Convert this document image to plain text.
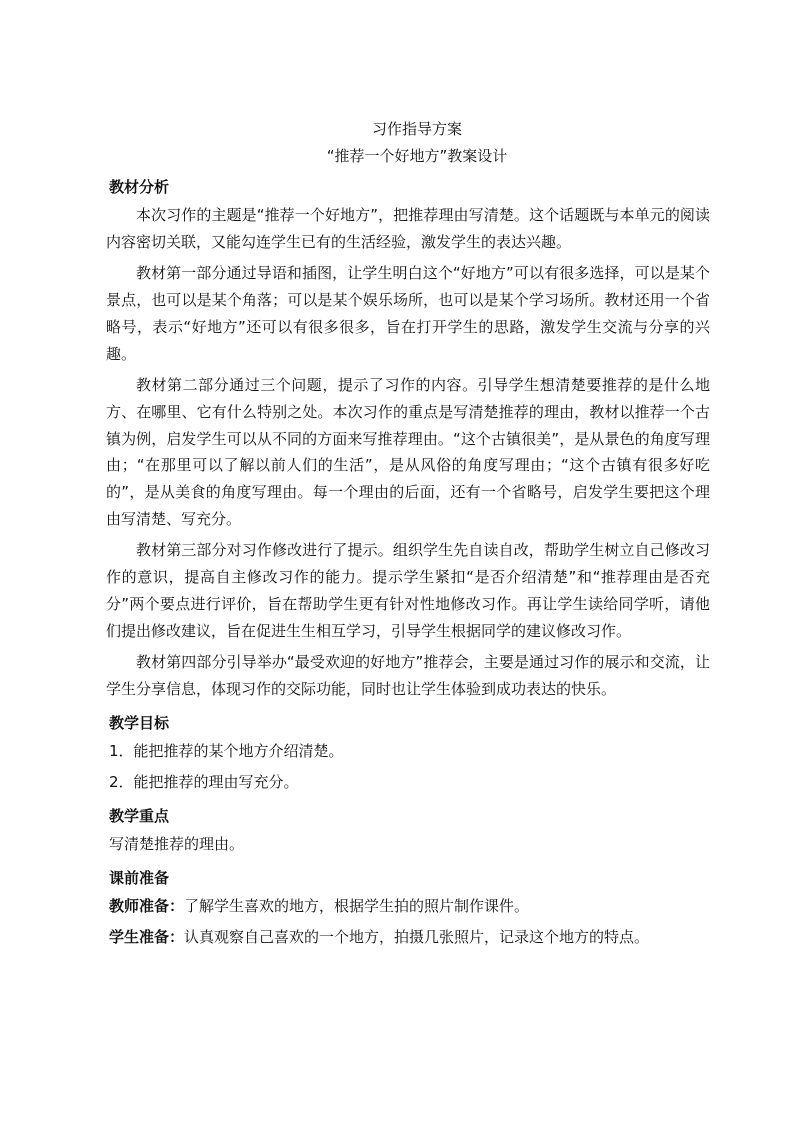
习作指导方案

“推荐一个好地方”教案设计

教材分析

本次习作的主题是“推荐一个好地方”，把推荐理由写清楚。这个话题既与本单元的阅读内容密切关联，又能勾连学生已有的生活经验，激发学生的表达兴趣。

教材第一部分通过导语和插图，让学生明白这个“好地方”可以有很多选择，可以是某个景点，也可以是某个角落；可以是某个娱乐场所，也可以是某个学习场所。教材还用一个省略号，表示“好地方”还可以有很多很多，旨在打开学生的思路，激发学生交流与分享的兴趣。

教材第二部分通过三个问题，提示了习作的内容。引导学生想清楚要推荐的是什么地方、在哪里、它有什么特别之处。本次习作的重点是写清楚推荐的理由，教材以推荐一个古镇为例，启发学生可以从不同的方面来写推荐理由。“这个古镇很美”，是从景色的角度写理由；“在那里可以了解以前人们的生活”，是从风俗的角度写理由；“这个古镇有很多好吃的”，是从美食的角度写理由。每一个理由的后面，还有一个省略号，启发学生要把这个理由写清楚、写充分。

教材第三部分对习作修改进行了提示。组织学生先自读自改，帮助学生树立自己修改习作的意识，提高自主修改习作的能力。提示学生紧扣“是否介绍清楚”和“推荐理由是否充分”两个要点进行评价，旨在帮助学生更有针对性地修改习作。再让学生读给同学听，请他们提出修改建议，旨在促进生生相互学习，引导学生根据同学的建议修改习作。

教材第四部分引导举办“最受欢迎的好地方”推荐会，主要是通过习作的展示和交流，让学生分享信息，体现习作的交际功能，同时也让学生体验到成功表达的快乐。

教学目标

1．能把推荐的某个地方介绍清楚。

2．能把推荐的理由写充分。

教学重点

写清楚推荐的理由。

课前准备

教师准备：了解学生喜欢的地方，根据学生拍的照片制作课件。

学生准备：认真观察自己喜欢的一个地方，拍摄几张照片，记录这个地方的特点。
